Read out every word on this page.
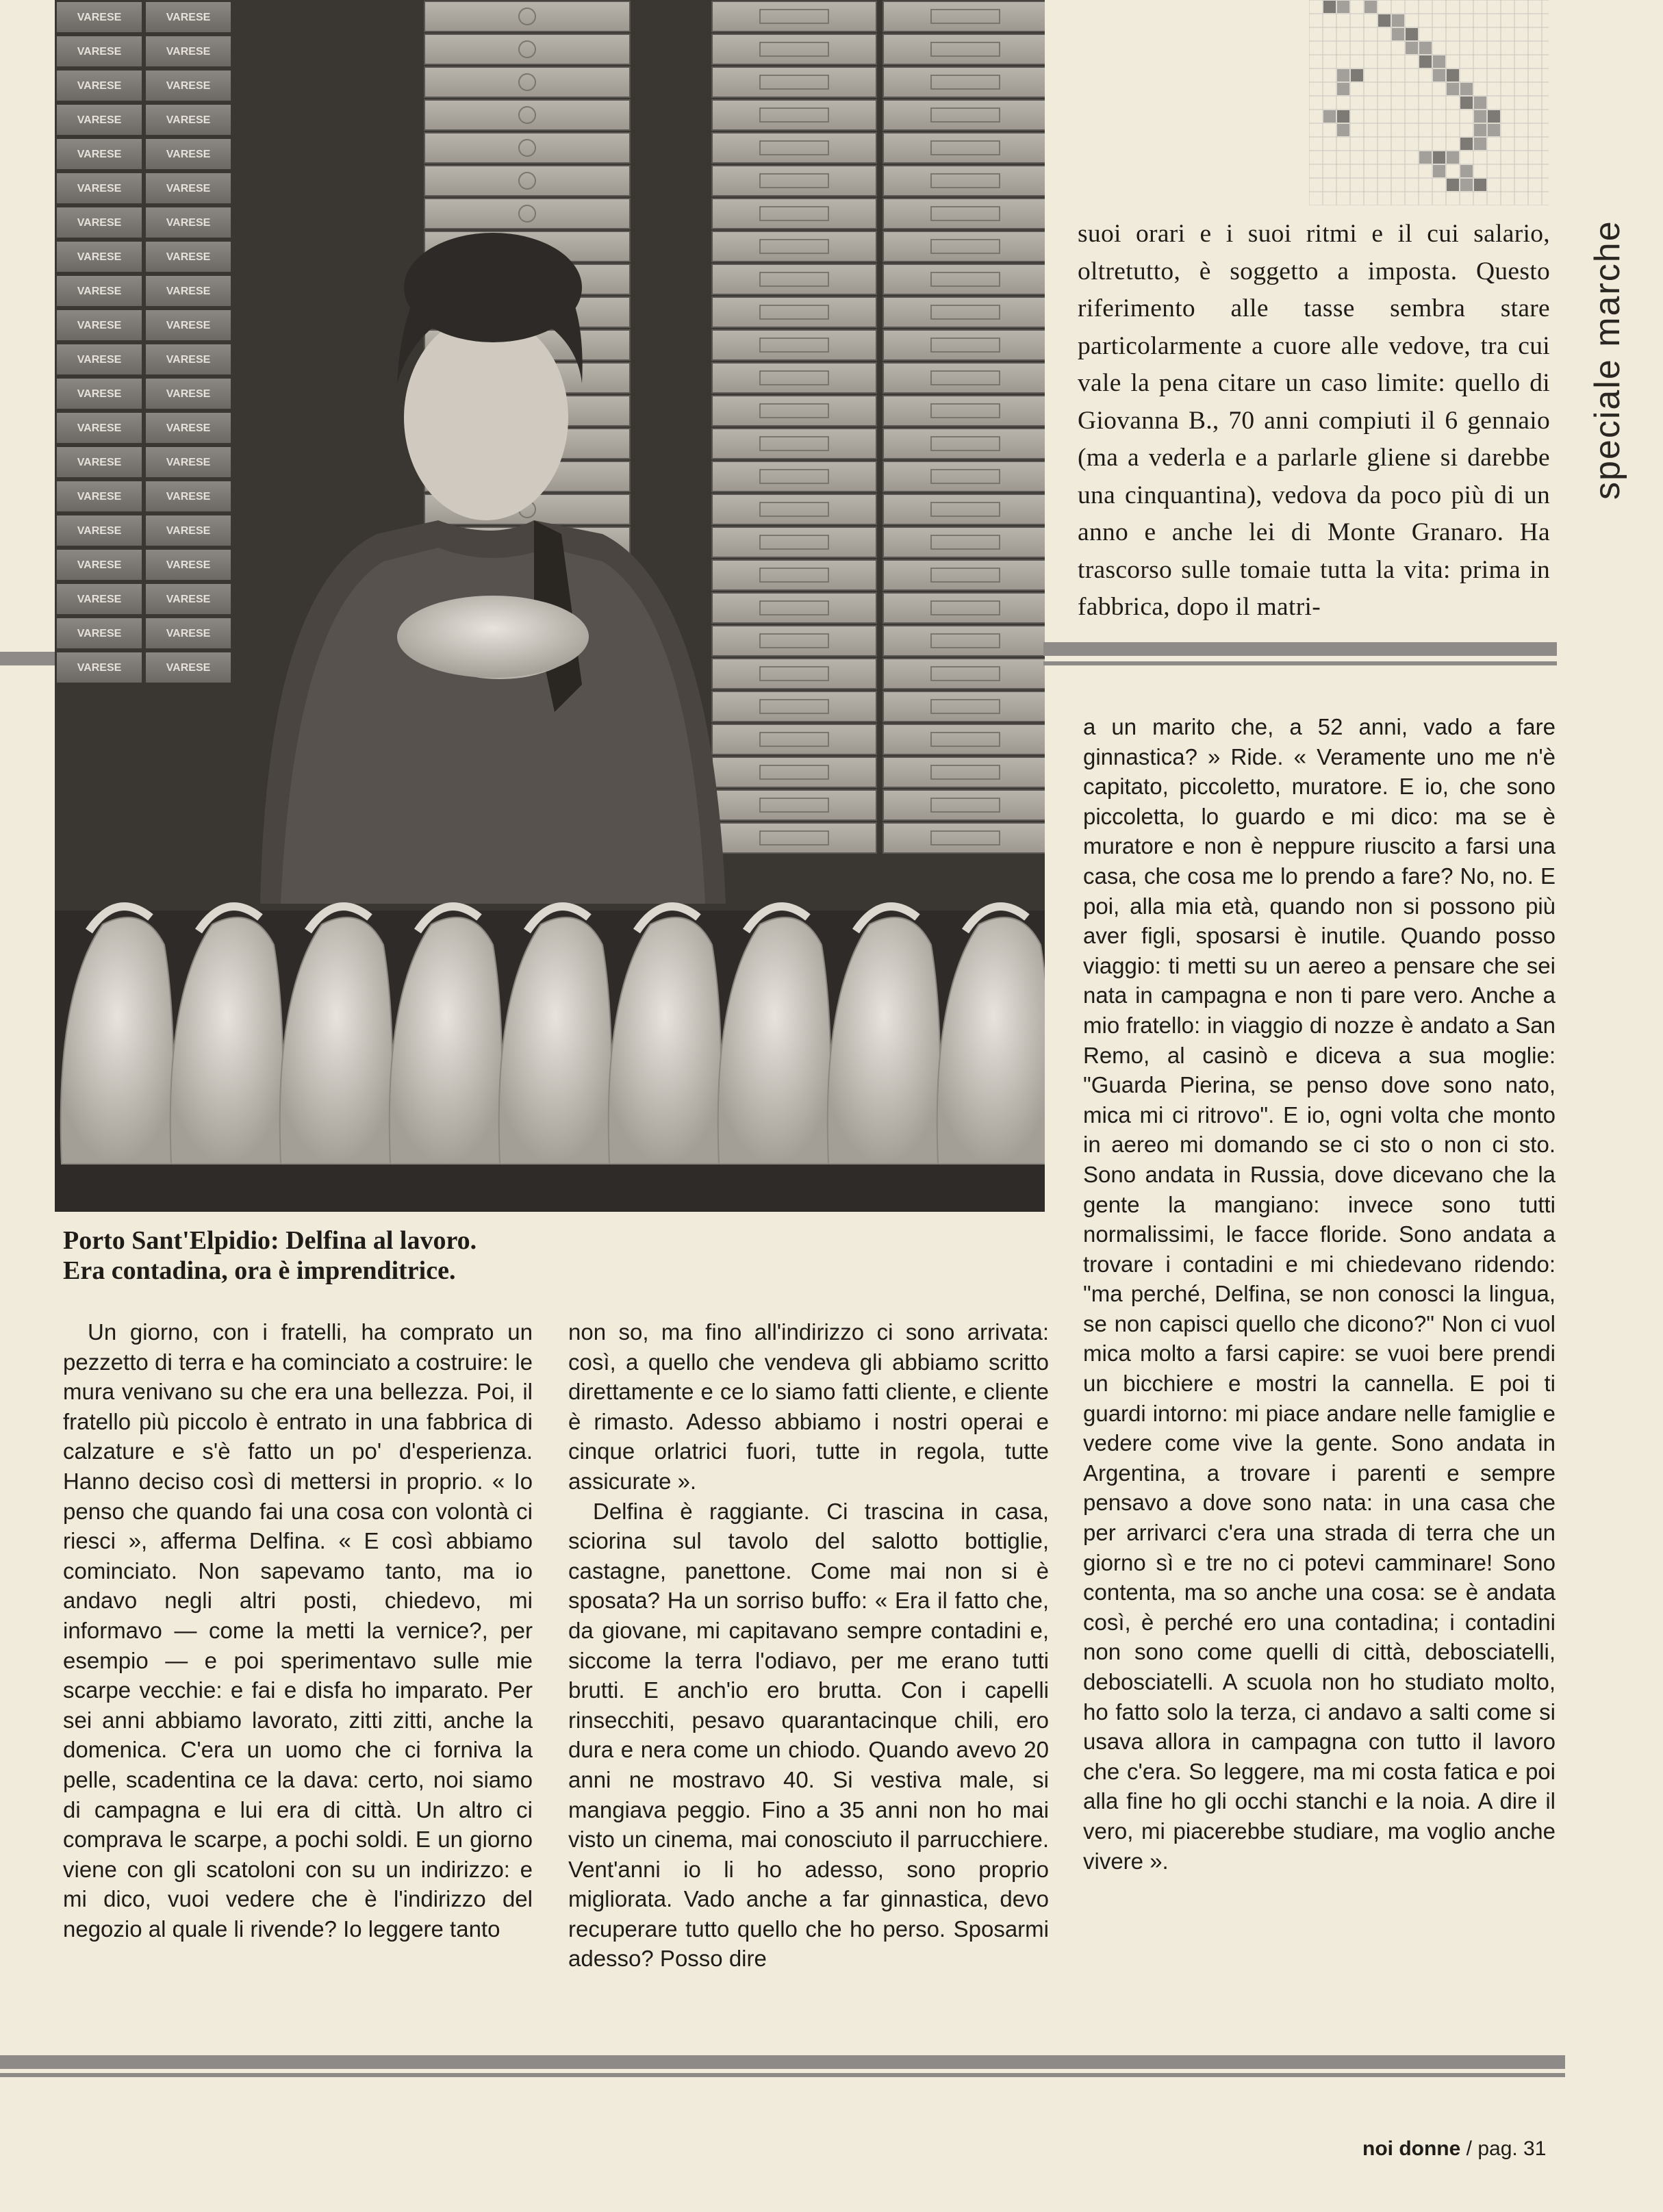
VARESE	VARESE
VARESE	VARESE
VARESE	VARESE
VARESE	VARESE
VARESE	VARESE
VARESE	VARESE
VARESE	VARESE
VARESE	VARESE
VARESE	VARESE
VARESE	VARESE
VARESE	VARESE
VARESE	VARESE
VARESE	VARESE
VARESE	VARESE
VARESE	VARESE
VARESE	VARESE
VARESE	VARESE
VARESE	VARESE
VARESE	VARESE
VARESE	VARESE
speciale marche

suoi orari e i suoi ritmi e il cui salario, oltretutto, è soggetto a imposta. Questo riferimento alle tasse sembra stare particolarmente a cuore alle vedove, tra cui vale la pena citare un caso limite: quello di Giovanna B., 70 anni compiuti il 6 gennaio (ma a vederla e a parlarle gliene si darebbe una cinquantina), vedova da poco più di un anno e anche lei di Monte Granaro. Ha trascorso sulle tomaie tutta la vita: prima in fabbrica, dopo il matri-

Porto Sant'Elpidio: Delfina al lavoro.
Era contadina, ora è imprenditrice.

Un giorno, con i fratelli, ha comprato un pezzetto di terra e ha cominciato a costruire: le mura venivano su che era una bellezza. Poi, il fratello più piccolo è entrato in una fabbrica di calzature e s'è fatto un po' d'esperienza. Hanno deciso così di mettersi in proprio. « Io penso che quando fai una cosa con volontà ci riesci », afferma Delfina. « E così abbiamo cominciato. Non sapevamo tanto, ma io andavo negli altri posti, chiedevo, mi informavo — come la metti la vernice?, per esempio — e poi sperimentavo sulle mie scarpe vecchie: e fai e disfa ho imparato. Per sei anni abbiamo lavorato, zitti zitti, anche la domenica. C'era un uomo che ci forniva la pelle, scadentina ce la dava: certo, noi siamo di campagna e lui era di città. Un altro ci comprava le scarpe, a pochi soldi. E un giorno viene con gli scatoloni con su un indirizzo: e mi dico, vuoi vedere che è l'indirizzo del negozio al quale li rivende? Io leggere tanto

non so, ma fino all'indirizzo ci sono arrivata: così, a quello che vendeva gli abbiamo scritto direttamente e ce lo siamo fatti cliente, e cliente è rimasto. Adesso abbiamo i nostri operai e cinque orlatrici fuori, tutte in regola, tutte assicurate ».

Delfina è raggiante. Ci trascina in casa, sciorina sul tavolo del salotto bottiglie, castagne, panettone. Come mai non si è sposata? Ha un sorriso buffo: « Era il fatto che, da giovane, mi capitavano sempre contadini e, siccome la terra l'odiavo, per me erano tutti brutti. E anch'io ero brutta. Con i capelli rinsecchiti, pesavo quarantacinque chili, ero dura e nera come un chiodo. Quando avevo 20 anni ne mostravo 40. Si vestiva male, si mangiava peggio. Fino a 35 anni non ho mai visto un cinema, mai conosciuto il parrucchiere. Vent'anni io li ho adesso, sono proprio migliorata. Vado anche a far ginnastica, devo recuperare tutto quello che ho perso. Sposarmi adesso? Posso dire

a un marito che, a 52 anni, vado a fare ginnastica? » Ride. « Veramente uno me n'è capitato, piccoletto, muratore. E io, che sono piccoletta, lo guardo e mi dico: ma se è muratore e non è neppure riuscito a farsi una casa, che cosa me lo prendo a fare? No, no. E poi, alla mia età, quando non si possono più aver figli, sposarsi è inutile. Quando posso viaggio: ti metti su un aereo a pensare che sei nata in campagna e non ti pare vero. Anche a mio fratello: in viaggio di nozze è andato a San Remo, al casinò e diceva a sua moglie: "Guarda Pierina, se penso dove sono nato, mica mi ci ritrovo". E io, ogni volta che monto in aereo mi domando se ci sto o non ci sto. Sono andata in Russia, dove dicevano che la gente la mangiano: invece sono tutti normalissimi, le facce floride. Sono andata a trovare i contadini e mi chiedevano ridendo: "ma perché, Delfina, se non conosci la lingua, se non capisci quello che dicono?" Non ci vuol mica molto a farsi capire: se vuoi bere prendi un bicchiere e mostri la cannella. E poi ti guardi intorno: mi piace andare nelle famiglie e vedere come vive la gente. Sono andata in Argentina, a trovare i parenti e sempre pensavo a dove sono nata: in una casa che per arrivarci c'era una strada di terra che un giorno sì e tre no ci potevi camminare! Sono contenta, ma so anche una cosa: se è andata così, è perché ero una contadina; i contadini non sono come quelli di città, debosciatelli, debosciatelli. A scuola non ho studiato molto, ho fatto solo la terza, ci andavo a salti come si usava allora in campagna con tutto il lavoro che c'era. So leggere, ma mi costa fatica e poi alla fine ho gli occhi stanchi e la noia. A dire il vero, mi piacerebbe studiare, ma voglio anche vivere ».

noi donne / pag. 31
